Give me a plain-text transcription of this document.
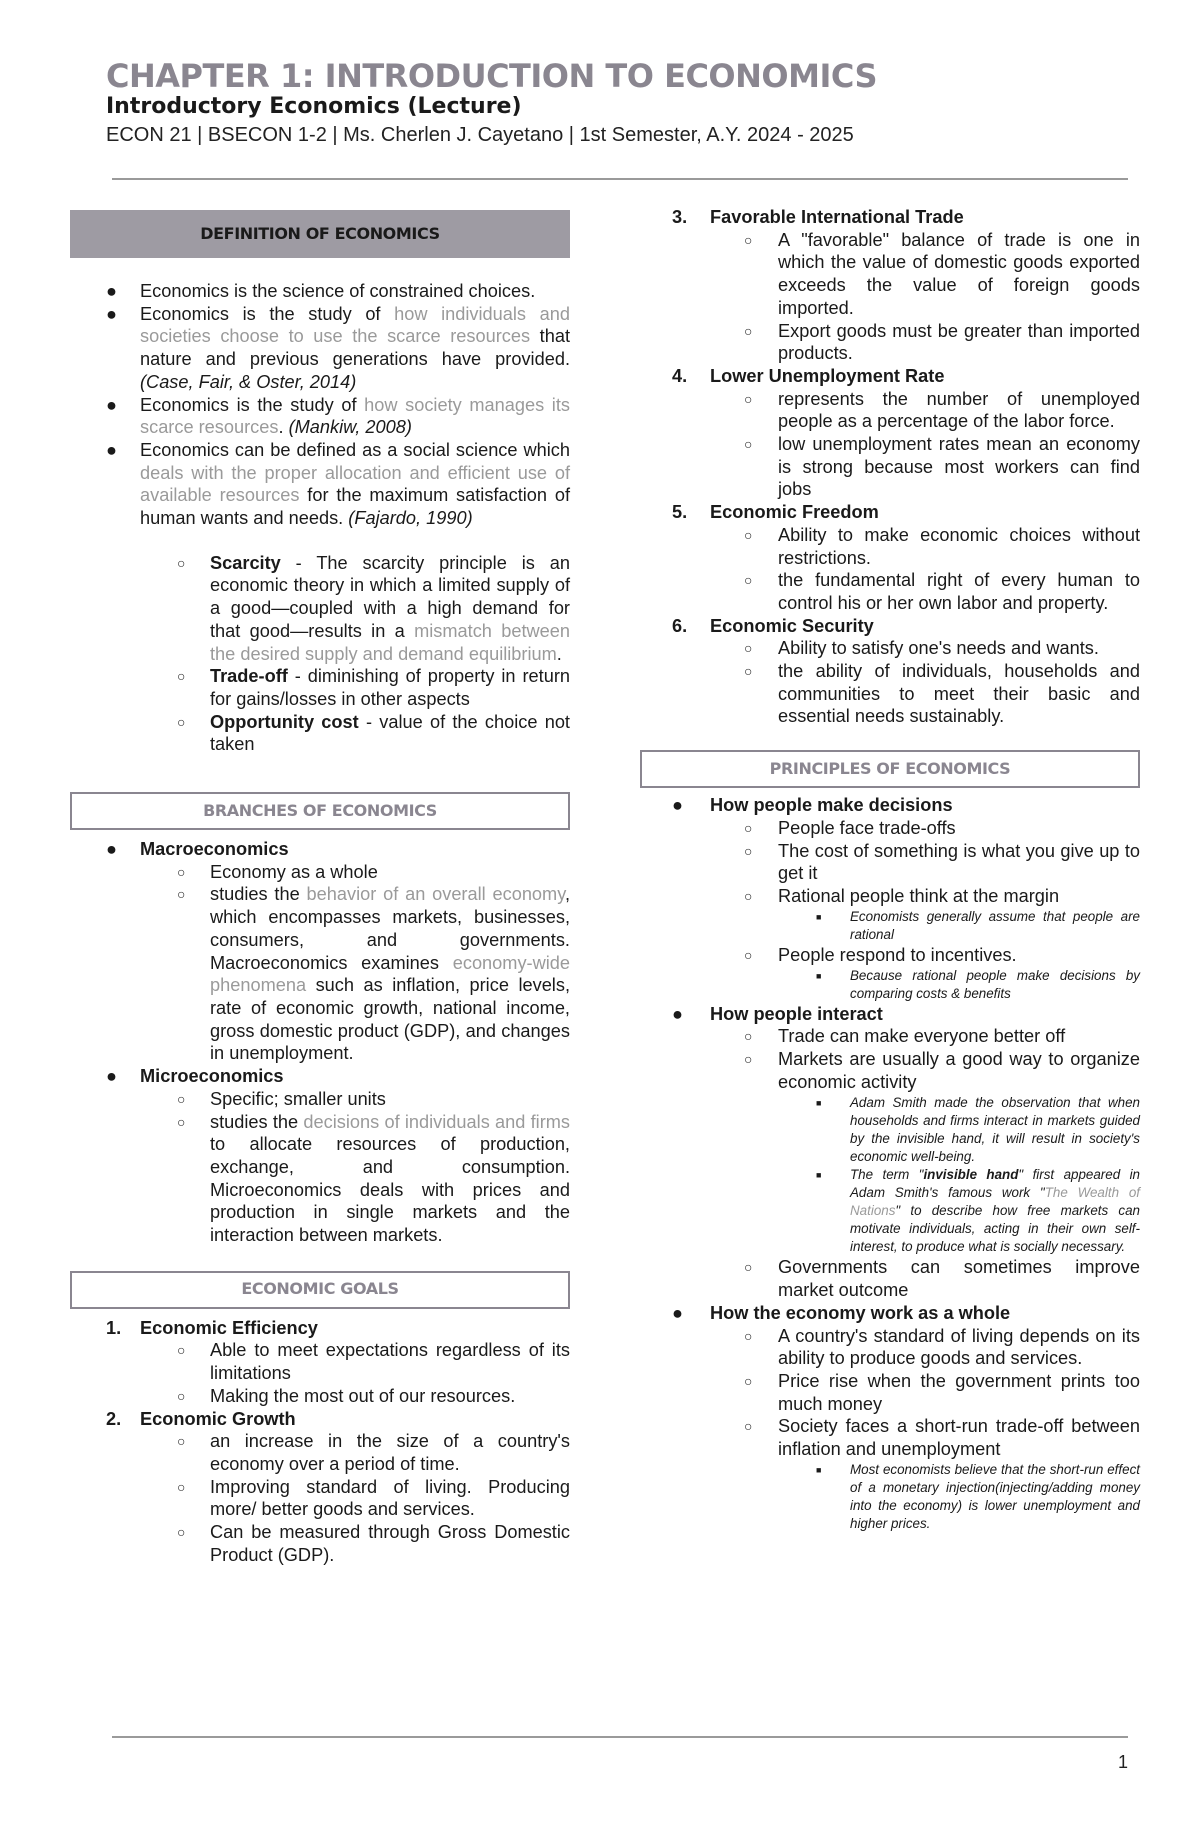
CHAPTER 1: INTRODUCTION TO ECONOMICS
Introductory Economics (Lecture)
ECON 21 | BSECON 1-2 | Ms. Cherlen J. Cayetano | 1st Semester, A.Y. 2024 - 2025
DEFINITION OF ECONOMICS
● Economics is the science of constrained choices.
● Economics is the study of how individuals and societies choose to use the scarce resources that nature and previous generations have provided. (Case, Fair, & Oster, 2014)
● Economics is the study of how society manages its scarce resources. (Mankiw, 2008)
● Economics can be defined as a social science which deals with the proper allocation and efficient use of available resources for the maximum satisfaction of human wants and needs. (Fajardo, 1990)
○ Scarcity - The scarcity principle is an economic theory in which a limited supply of a good—coupled with a high demand for that good—results in a mismatch between the desired supply and demand equilibrium.
○ Trade-off - diminishing of property in return for gains/losses in other aspects
○ Opportunity cost - value of the choice not taken
BRANCHES OF ECONOMICS
● Macroeconomics
○ Economy as a whole
○ studies the behavior of an overall economy, which encompasses markets, businesses, consumers, and governments. Macroeconomics examines economy-wide phenomena such as inflation, price levels, rate of economic growth, national income, gross domestic product (GDP), and changes in unemployment.
● Microeconomics
○ Specific; smaller units
○ studies the decisions of individuals and firms to allocate resources of production, exchange, and consumption. Microeconomics deals with prices and production in single markets and the interaction between markets.
ECONOMIC GOALS
1. Economic Efficiency
○ Able to meet expectations regardless of its limitations
○ Making the most out of our resources.
2. Economic Growth
○ an increase in the size of a country's economy over a period of time.
○ Improving standard of living. Producing more/ better goods and services.
○ Can be measured through Gross Domestic Product (GDP).
3. Favorable International Trade
○ A "favorable" balance of trade is one in which the value of domestic goods exported exceeds the value of foreign goods imported.
○ Export goods must be greater than imported products.
4. Lower Unemployment Rate
○ represents the number of unemployed people as a percentage of the labor force.
○ low unemployment rates mean an economy is strong because most workers can find jobs
5. Economic Freedom
○ Ability to make economic choices without restrictions.
○ the fundamental right of every human to control his or her own labor and property.
6. Economic Security
○ Ability to satisfy one's needs and wants.
○ the ability of individuals, households and communities to meet their basic and essential needs sustainably.
PRINCIPLES OF ECONOMICS
● How people make decisions
○ People face trade-offs
○ The cost of something is what you give up to get it
○ Rational people think at the margin
■ Economists generally assume that people are rational
○ People respond to incentives.
■ Because rational people make decisions by comparing costs & benefits
● How people interact
○ Trade can make everyone better off
○ Markets are usually a good way to organize economic activity
■ Adam Smith made the observation that when households and firms interact in markets guided by the invisible hand, it will result in society's economic well-being.
■ The term "invisible hand" first appeared in Adam Smith's famous work "The Wealth of Nations" to describe how free markets can motivate individuals, acting in their own self-interest, to produce what is socially necessary.
○ Governments can sometimes improve market outcome
● How the economy work as a whole
○ A country's standard of living depends on its ability to produce goods and services.
○ Price rise when the government prints too much money
○ Society faces a short-run trade-off between inflation and unemployment
■ Most economists believe that the short-run effect of a monetary injection(injecting/adding money into the economy) is lower unemployment and higher prices.
1
